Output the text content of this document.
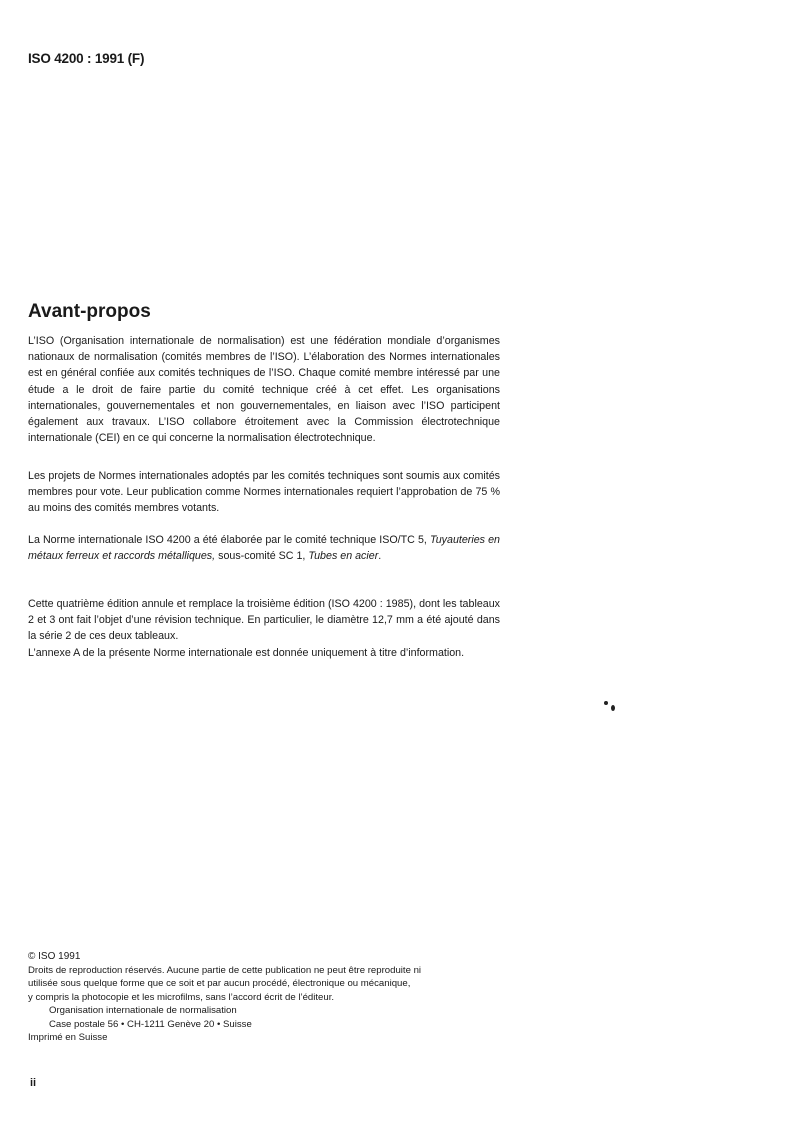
ISO 4200 : 1991 (F)
Avant-propos

L’ISO (Organisation internationale de normalisation) est une fédération mondiale d’organismes nationaux de normalisation (comités membres de l’ISO). L’élaboration des Normes internationales est en général confiée aux comités techniques de l’ISO. Chaque comité membre intéressé par une étude a le droit de faire partie du comité technique créé à cet effet. Les organisations internationales, gouvernementales et non gouvernementales, en liaison avec l’ISO participent également aux travaux. L’ISO collabore étroitement avec la Commission électrotechnique internationale (CEI) en ce qui concerne la normalisation électrotechnique.

Les projets de Normes internationales adoptés par les comités techniques sont soumis aux comités membres pour vote. Leur publication comme Normes internationales requiert l’approbation de 75 % au moins des comités membres votants.

La Norme internationale ISO 4200 a été élaborée par le comité technique ISO/TC 5, Tuyauteries en métaux ferreux et raccords métalliques, sous-comité SC 1, Tubes en acier.

Cette quatrième édition annule et remplace la troisième édition (ISO 4200 : 1985), dont les tableaux 2 et 3 ont fait l’objet d’une révision technique. En particulier, le diamètre 12,7 mm a été ajouté dans la série 2 de ces deux tableaux.

L’annexe A de la présente Norme internationale est donnée uniquement à titre d’information.

© ISO 1991
Droits de reproduction réservés. Aucune partie de cette publication ne peut être reproduite ni
utilisée sous quelque forme que ce soit et par aucun procédé, électronique ou mécanique,
y compris la photocopie et les microfilms, sans l’accord écrit de l’éditeur.
Organisation internationale de normalisation
Case postale 56 • CH-1211 Genève 20 • Suisse
Imprimé en Suisse
ii
